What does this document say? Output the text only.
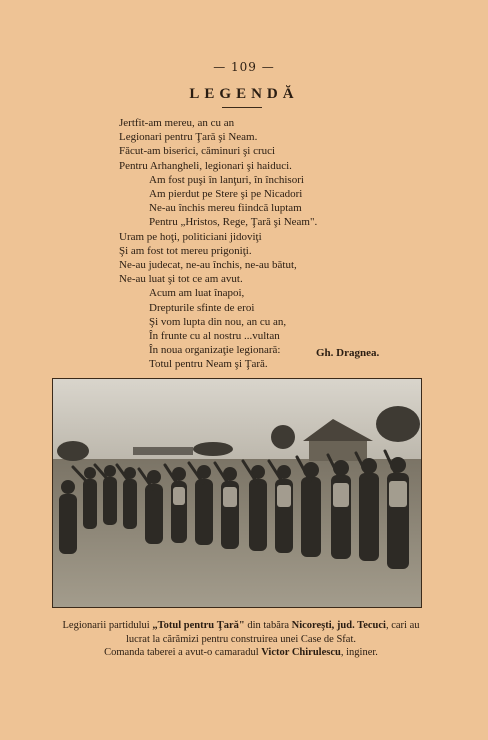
— 109 —
LEGENDĂ
Jertfit-am mereu, an cu an
Legionari pentru Ţară şi Neam.
Făcut-am biserici, căminuri şi cruci
Pentru Arhangheli, legionari şi haiduci.
Am fost puşi în lanţuri, în închisori
Am pierdut pe Stere şi pe Nicadori
Ne-au închis mereu fiindcă luptam
Pentru „Hristos, Rege, Ţară şi Neam".
Uram pe hoţi, politiciani jidoviţi
Şi am fost tot mereu prigoniţi.
Ne-au judecat, ne-au închis, ne-au bătut,
Ne-au luat şi tot ce am avut.
Acum am luat înapoi,
Drepturile sfinte de eroi
Şi vom lupta din nou, an cu an,
În frunte cu al nostru ...vultan
În noua organizaţie legionară:
Totul pentru Neam şi Ţară.
Gh. Dragnea.

Legionarii partidului „Totul pentru Ţară" din tabăra Nicoreşti, jud. Tecuci, cari au lucrat la cărămizi pentru construirea unei Case de Sfat.

Comanda taberei a avut-o camaradul Victor Chirulescu, inginer.
